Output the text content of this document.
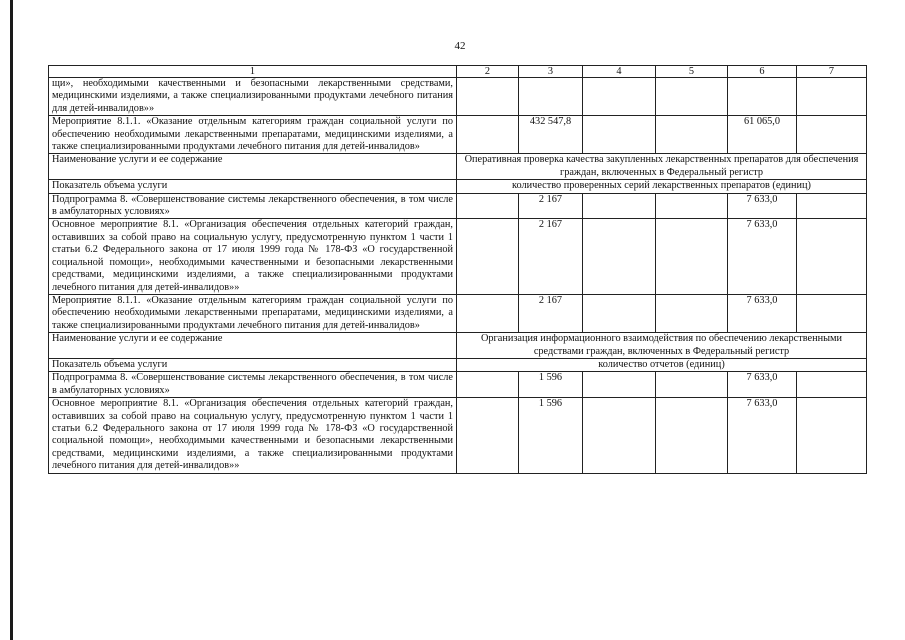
42
1	2	3	4	5	6	7
щи», необходимыми качественными и безопасными лекарственными средствами, медицинскими изделиями, а также специализированными продуктами лечебного питания для детей-инвалидов»»						
Мероприятие 8.1.1. «Оказание отдельным категориям граждан социальной услуги по обеспечению необходимыми лекарственными препаратами, медицинскими изделиями, а также специализированными продуктами лечебного питания для детей-инвалидов»		432 547,8			61 065,0	
Наименование услуги и ее содержание	Оперативная проверка качества закупленных лекарственных препаратов для обеспечения граждан, включенных в Федеральный регистр					
Показатель объема услуги	количество проверенных серий лекарственных препаратов (единиц)					
Подпрограмма 8. «Совершенствование системы лекарственного обеспечения, в том числе в амбулаторных условиях»		2 167			7 633,0	
Основное мероприятие 8.1. «Организация обеспечения отдельных категорий граждан, оставивших за собой право на социальную услугу, предусмотренную пунктом 1 части 1 статьи 6.2 Федерального закона от 17 июля 1999 года № 178-ФЗ «О государственной социальной помощи», необходимыми качественными и безопасными лекарственными средствами, медицинскими изделиями, а также специализированными продуктами лечебного питания для детей-инвалидов»»		2 167			7 633,0	
Мероприятие 8.1.1. «Оказание отдельным категориям граждан социальной услуги по обеспечению необходимыми лекарственными препаратами, медицинскими изделиями, а также специализированными продуктами лечебного питания для детей-инвалидов»		2 167			7 633,0	
Наименование услуги и ее содержание	Организация информационного взаимодействия по обеспечению лекарственными средствами граждан, включенных в Федеральный регистр					
Показатель объема услуги	количество отчетов (единиц)					
Подпрограмма 8. «Совершенствование системы лекарственного обеспечения, в том числе в амбулаторных условиях»		1 596			7 633,0	
Основное мероприятие 8.1. «Организация обеспечения отдельных категорий граждан, оставивших за собой право на социальную услугу, предусмотренную пунктом 1 части 1 статьи 6.2 Федерального закона от 17 июля 1999 года № 178-ФЗ «О государственной социальной помощи», необходимыми качественными и безопасными лекарственными средствами, медицинскими изделиями, а также специализированными продуктами лечебного питания для детей-инвалидов»»		1 596			7 633,0	
